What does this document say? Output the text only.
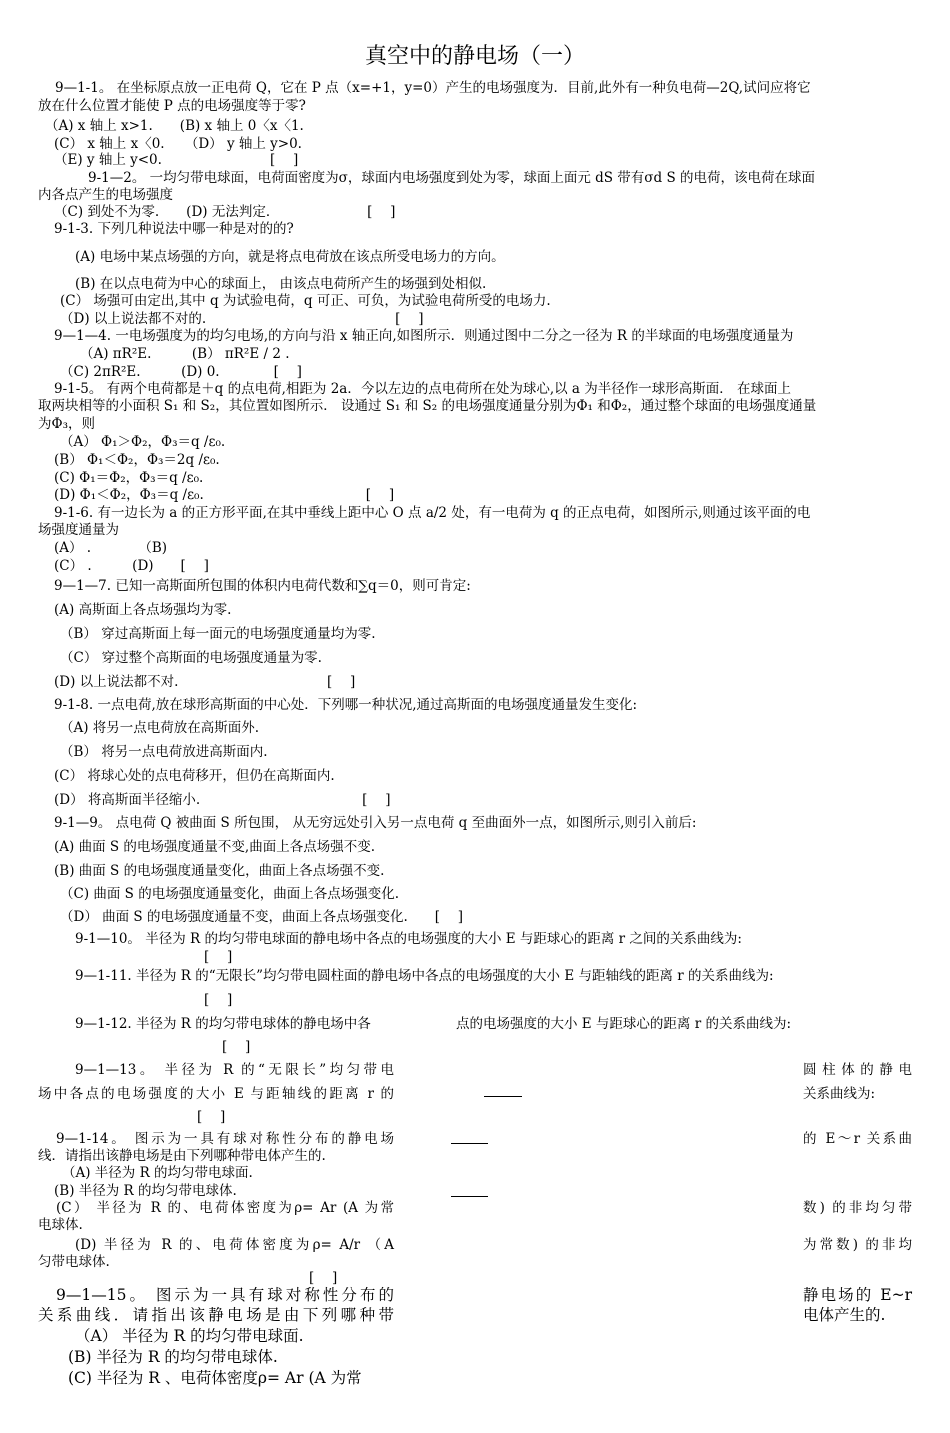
真空中的静电场（一）
9—1-1。 在坐标原点放一正电荷 Q，它在 P 点（x=+1，y=0）产生的电场强度为．目前,此外有一种负电荷—2Q,试问应将它
放在什么位置才能使 P 点的电场强度等于零?
（A) x 轴上 x>1.　　(B) x 轴上 0〈x〈1.
(C） x 轴上 x〈0.　　（D） y 轴上 y>0.
（E) y 轴上 y<0.　　　　　　　　[　 ]
9-1—2。 一均匀带电球面，电荷面密度为σ，球面内电场强度到处为零，球面上面元 dS 带有σd S 的电荷，该电荷在球面
内各点产生的电场强度
（C) 到处不为零.　　(D) 无法判定．　　　　　　　[　 ]
9-1-3. 下列几种说法中哪一种是对的的?
(A) 电场中某点场强的方向，就是将点电荷放在该点所受电场力的方向。
(B) 在以点电荷为中心的球面上， 由该点电荷所产生的场强到处相似.
(C） 场强可由定出,其中 q 为试验电荷，q 可正、可负，为试验电荷所受的电场力.
（D) 以上说法都不对的.　　　　　　　　　　　　　　[　 ]
9—1—4. 一电场强度为的均匀电场,的方向与沿 x 轴正向,如图所示．则通过图中二分之一径为 R 的半球面的电场强度通量为
（A) πR²E.　　　(B） πR²E / 2 .
（C) 2πR²E.　　　(D) 0.　　　　[　 ]
9-1-5。 有两个电荷都是＋q 的点电荷,相距为 2a．今以左边的点电荷所在处为球心,以 a 为半径作一球形高斯面． 在球面上
取两块相等的小面积 S₁ 和 S₂，其位置如图所示． 设通过 S₁ 和 S₂ 的电场强度通量分别为Φ₁ 和Φ₂，通过整个球面的电场强度通量
为Φ₃，则
（A） Φ₁＞Φ₂，Φ₃＝q /ε₀.
(B） Φ₁＜Φ₂，Φ₃＝2q /ε₀.
(C) Φ₁＝Φ₂，Φ₃＝q /ε₀.
(D) Φ₁＜Φ₂，Φ₃＝q /ε₀.　　　　　　　　　　　　[　 ]
9-1-6. 有一边长为 a 的正方形平面,在其中垂线上距中心 O 点 a/2 处，有一电荷为 q 的正点电荷，如图所示,则通过该平面的电
场强度通量为
(A） .　　　　（B)
(C） .　　　(D)　　[　 ]
9—1—7. 已知一高斯面所包围的体积内电荷代数和∑q＝0，则可肯定:
(A) 高斯面上各点场强均为零.
（B） 穿过高斯面上每一面元的电场强度通量均为零.
（C） 穿过整个高斯面的电场强度通量为零.
(D) 以上说法都不对.　　　　　　　　　　　[　 ]
9-1-8. 一点电荷,放在球形高斯面的中心处．下列哪一种状况,通过高斯面的电场强度通量发生变化:
（A) 将另一点电荷放在高斯面外.
（B） 将另一点电荷放进高斯面内.
(C） 将球心处的点电荷移开，但仍在高斯面内.
(D） 将高斯面半径缩小.　　　　　　　　　　　　[　 ]
9-1—9。 点电荷 Q 被曲面 S 所包围， 从无穷远处引入另一点电荷 q 至曲面外一点，如图所示,则引入前后:
(A) 曲面 S 的电场强度通量不变,曲面上各点场强不变.
(B) 曲面 S 的电场强度通量变化，曲面上各点场强不变.
（C) 曲面 S 的电场强度通量变化，曲面上各点场强变化.
（D） 曲面 S 的电场强度通量不变，曲面上各点场强变化.　　[　 ]
9-1—10。 半径为 R 的均匀带电球面的静电场中各点的电场强度的大小 E 与距球心的距离 r 之间的关系曲线为:
[　 ]
9—1-11. 半径为 R 的“无限长”均匀带电圆柱面的静电场中各点的电场强度的大小 E 与距轴线的距离 r 的关系曲线为:
[　 ]
9—1-12. 半径为 R 的均匀带电球体的静电场中各	点的电场强度的大小 E 与距球心的距离 r 的关系曲线为:
[　 ]
9—1—13。 半径为 R 的“无限长”均匀带电	圆柱体的静电
场中各点的电场强度的大小 E 与距轴线的距离 r 的	关系曲线为:
[　 ]
9—1-14。 图示为一具有球对称性分布的静电场	的 E～r 关系曲
线．请指出该静电场是由下列哪种带电体产生的.
（A) 半径为 R 的均匀带电球面.
(B) 半径为 R 的均匀带电球体.
(C） 半径为 R 的、电荷体密度为ρ= Ar (A 为常	数) 的非均匀带
电球体.
(D) 半径为 R 的、电荷体密度为ρ= A/r （A	为常数) 的非均
匀带电球体.
[　 ]
9—1—15。 图示为一具有球对称性分布的	静电场的 E~r
关系曲线．请指出该静电场是由下列哪种带	电体产生的.
（A） 半径为 R 的均匀带电球面.
(B) 半径为 R 的均匀带电球体.
(C) 半径为 R 、电荷体密度ρ= Ar (A 为常
